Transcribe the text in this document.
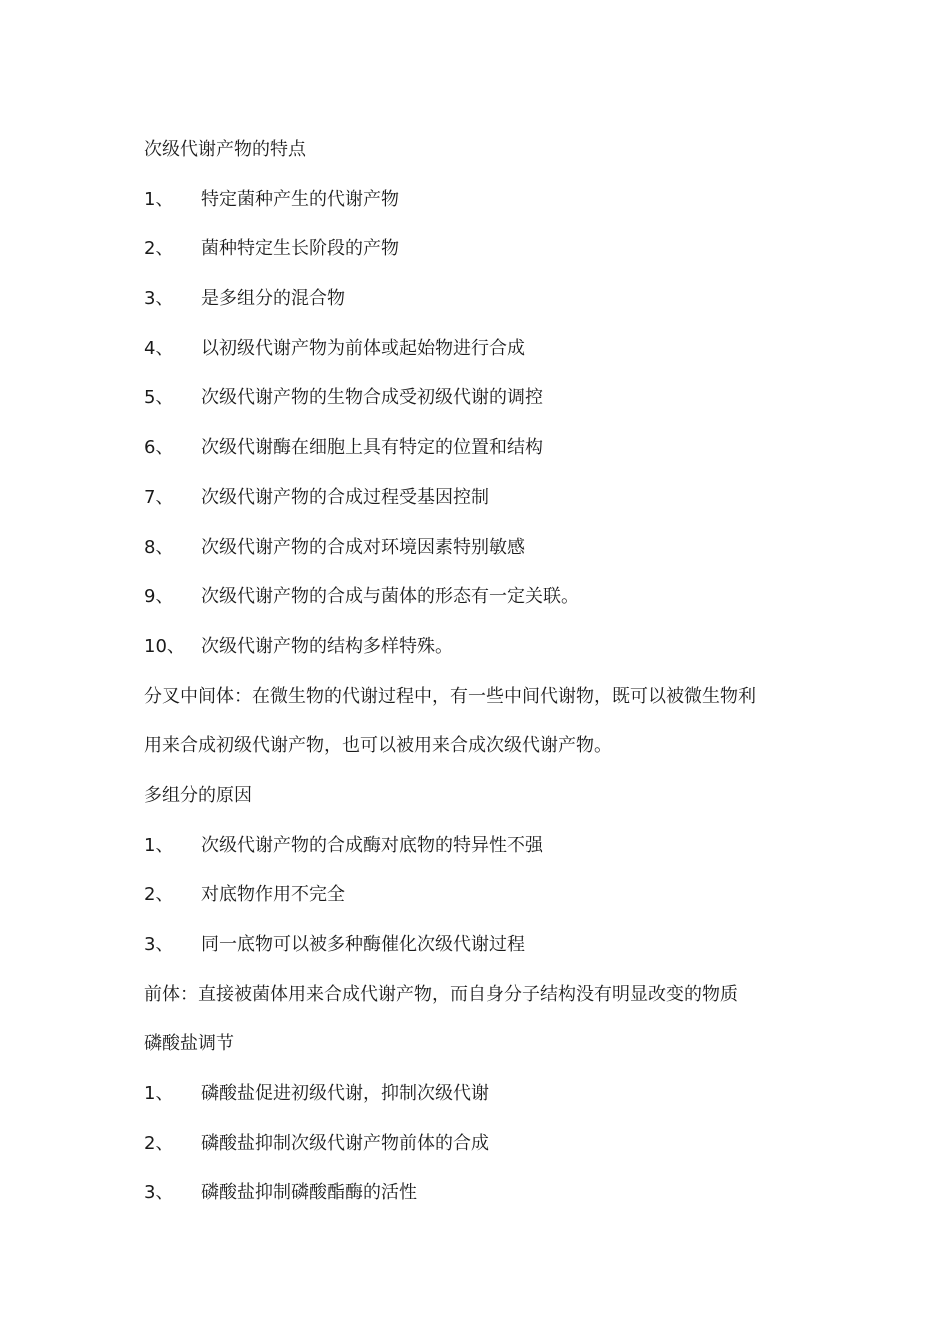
次级代谢产物的特点
1、 特定菌种产生的代谢产物
2、 菌种特定生长阶段的产物
3、 是多组分的混合物
4、 以初级代谢产物为前体或起始物进行合成
5、 次级代谢产物的生物合成受初级代谢的调控
6、 次级代谢酶在细胞上具有特定的位置和结构
7、 次级代谢产物的合成过程受基因控制
8、 次级代谢产物的合成对环境因素特别敏感
9、 次级代谢产物的合成与菌体的形态有一定关联。
10、 次级代谢产物的结构多样特殊。
分叉中间体：在微生物的代谢过程中，有一些中间代谢物，既可以被微生物利
用来合成初级代谢产物，也可以被用来合成次级代谢产物。
多组分的原因
1、 次级代谢产物的合成酶对底物的特异性不强
2、 对底物作用不完全
3、 同一底物可以被多种酶催化次级代谢过程
前体：直接被菌体用来合成代谢产物，而自身分子结构没有明显改变的物质
磷酸盐调节
1、 磷酸盐促进初级代谢，抑制次级代谢
2、 磷酸盐抑制次级代谢产物前体的合成
3、 磷酸盐抑制磷酸酯酶的活性
